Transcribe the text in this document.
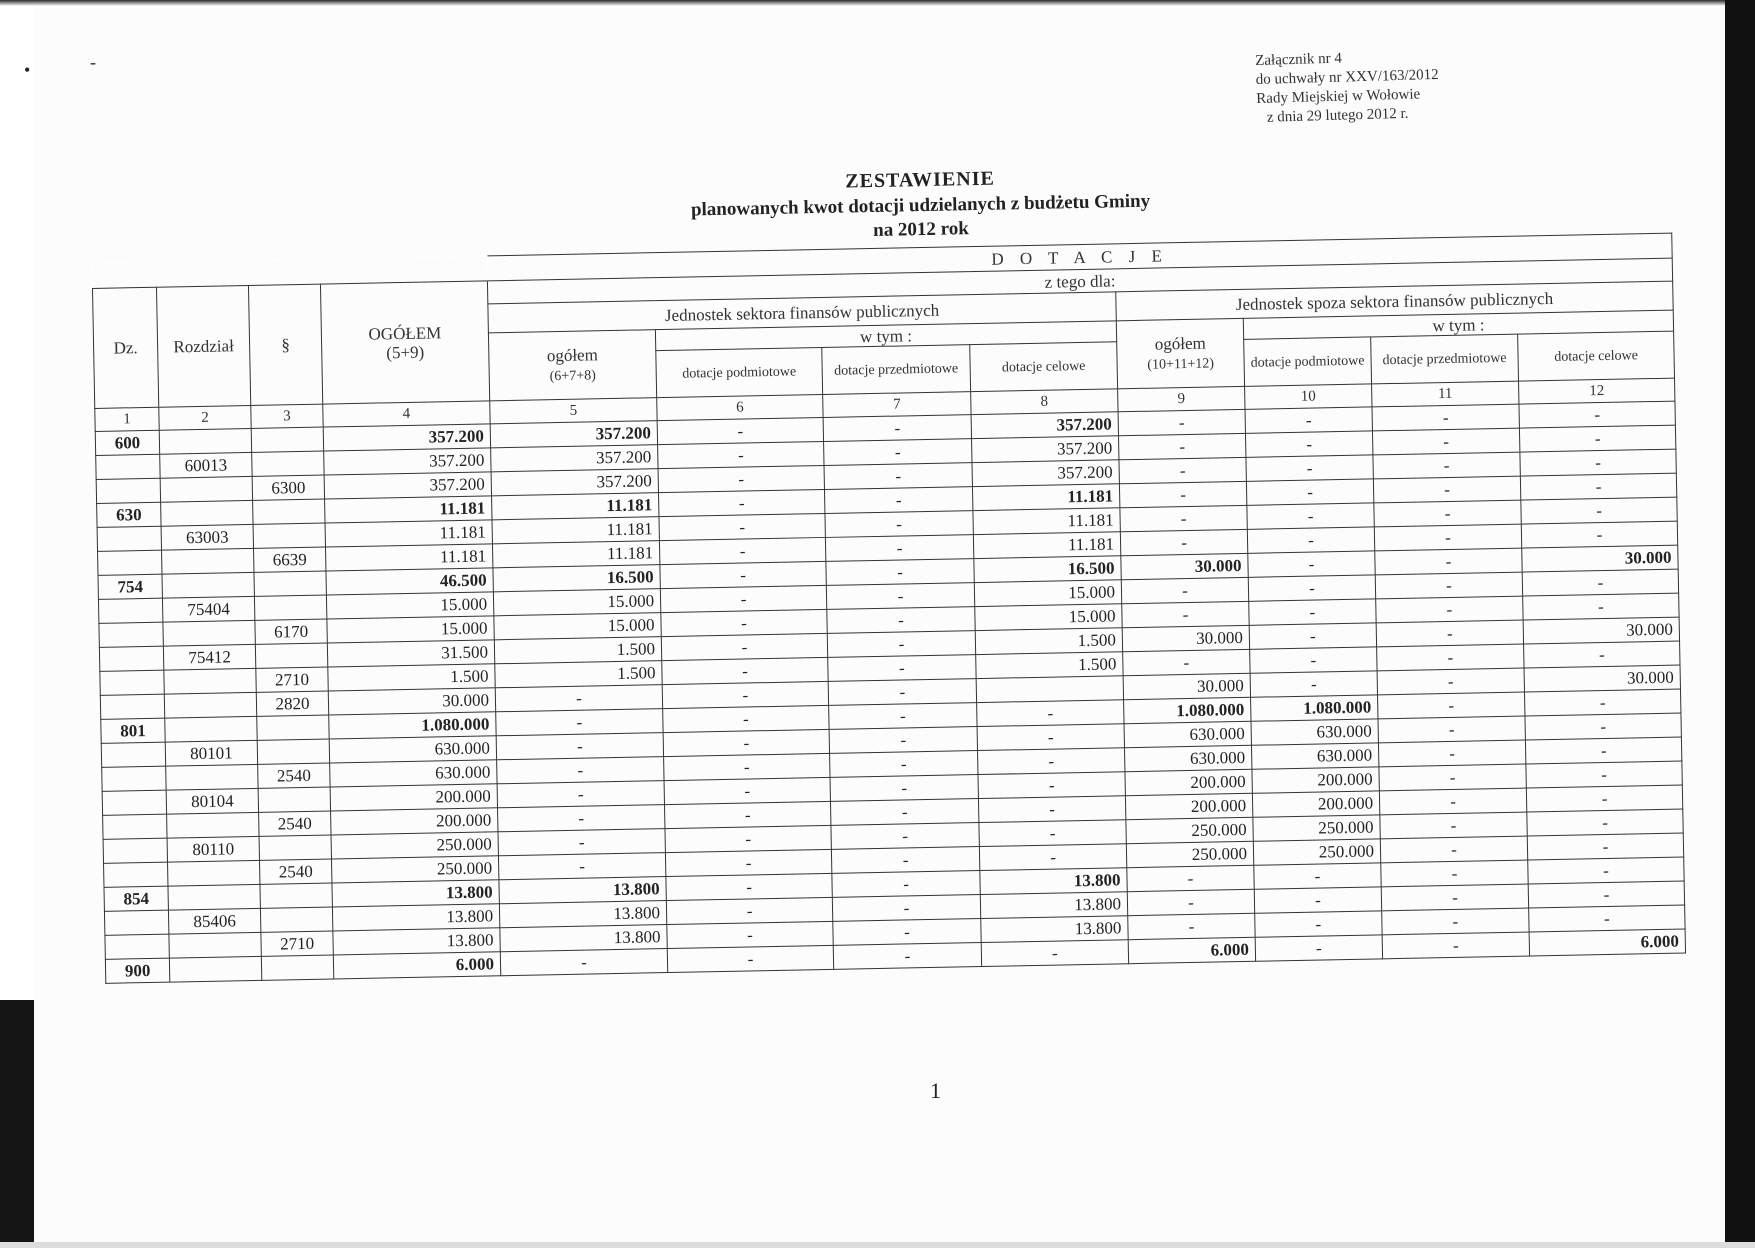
•	-	Załącznik nr 4
do uchwały nr XXV/163/2012
Rady Miejskiej w Wołowie
z dnia 29 lutego 2012 r.
ZESTAWIENIE
planowanych kwot dotacji udzielanych z budżetu Gminy
na 2012 rok
				D O T A C J E							
Dz.	Rozdział	§	OGÓŁEM
(5+9)	z tego dla:							
				Jednostek sektora finansów publicznych				Jednostek spoza sektora finansów publicznych			
				ogółem
(6+7+8)	w tym :			ogółem
(10+11+12)	w tym :		
					dotacje podmiotowe	dotacje przedmiotowe	dotacje celowe		dotacje podmiotowe	dotacje przedmiotowe	dotacje celowe
1	2	3	4	5	6	7	8	9	10	11	12
600			357.200	357.200	-	-	357.200	-	-	-	-
	60013		357.200	357.200	-	-	357.200	-	-	-	-
		6300	357.200	357.200	-	-	357.200	-	-	-	-
630			11.181	11.181	-	-	11.181	-	-	-	-
	63003		11.181	11.181	-	-	11.181	-	-	-	-
		6639	11.181	11.181	-	-	11.181	-	-	-	-
754			46.500	16.500	-	-	16.500	30.000	-	-	30.000
	75404		15.000	15.000	-	-	15.000	-	-	-	-
		6170	15.000	15.000	-	-	15.000	-	-	-	-
	75412		31.500	1.500	-	-	1.500	30.000	-	-	30.000
		2710	1.500	1.500	-	-	1.500	-	-	-	-
		2820	30.000	-	-	-		30.000	-	-	30.000
801			1.080.000	-	-	-	-	1.080.000	1.080.000	-	-
	80101		630.000	-	-	-	-	630.000	630.000	-	-
		2540	630.000	-	-	-	-	630.000	630.000	-	-
	80104		200.000	-	-	-	-	200.000	200.000	-	-
		2540	200.000	-	-	-	-	200.000	200.000	-	-
	80110		250.000	-	-	-	-	250.000	250.000	-	-
		2540	250.000	-	-	-	-	250.000	250.000	-	-
854			13.800	13.800	-	-	13.800	-	-	-	-
	85406		13.800	13.800	-	-	13.800	-	-	-	-
		2710	13.800	13.800	-	-	13.800	-	-	-	-
900			6.000	-	-	-	-	6.000	-	-	6.000
1
